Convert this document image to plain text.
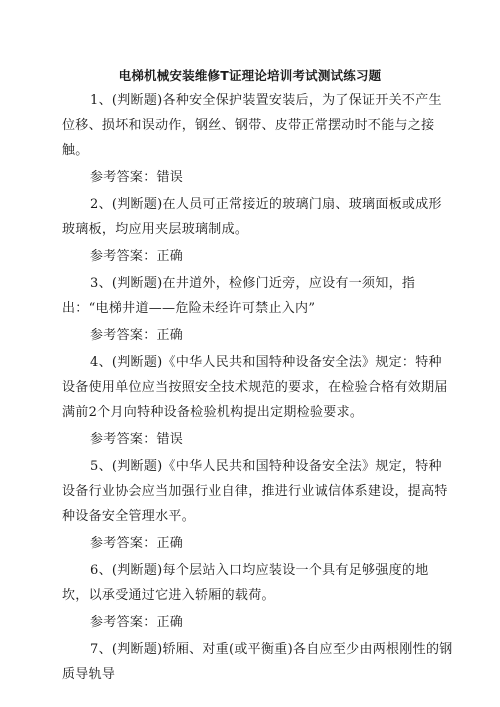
电梯机械安装维修T证理论培训考试测试练习题

1、(判断题)各种安全保护装置安装后，为了保证开关不产生位移、损坏和误动作，钢丝、钢带、皮带正常摆动时不能与之接触。

参考答案：错误

2、(判断题)在人员可正常接近的玻璃门扇、玻璃面板或成形玻璃板，均应用夹层玻璃制成。

参考答案：正确

3、(判断题)在井道外，检修门近旁，应设有一须知，指出：“电梯井道——危险未经许可禁止入内”

参考答案：正确

4、(判断题)《中华人民共和国特种设备安全法》规定：特种设备使用单位应当按照安全技术规范的要求，在检验合格有效期届满前2个月向特种设备检验机构提出定期检验要求。

参考答案：错误

5、(判断题)《中华人民共和国特种设备安全法》规定，特种设备行业协会应当加强行业自律，推进行业诚信体系建设，提高特种设备安全管理水平。

参考答案：正确

6、(判断题)每个层站入口均应装设一个具有足够强度的地坎，以承受通过它进入轿厢的载荷。

参考答案：正确

7、(判断题)轿厢、对重(或平衡重)各自应至少由两根刚性的钢质导轨导
